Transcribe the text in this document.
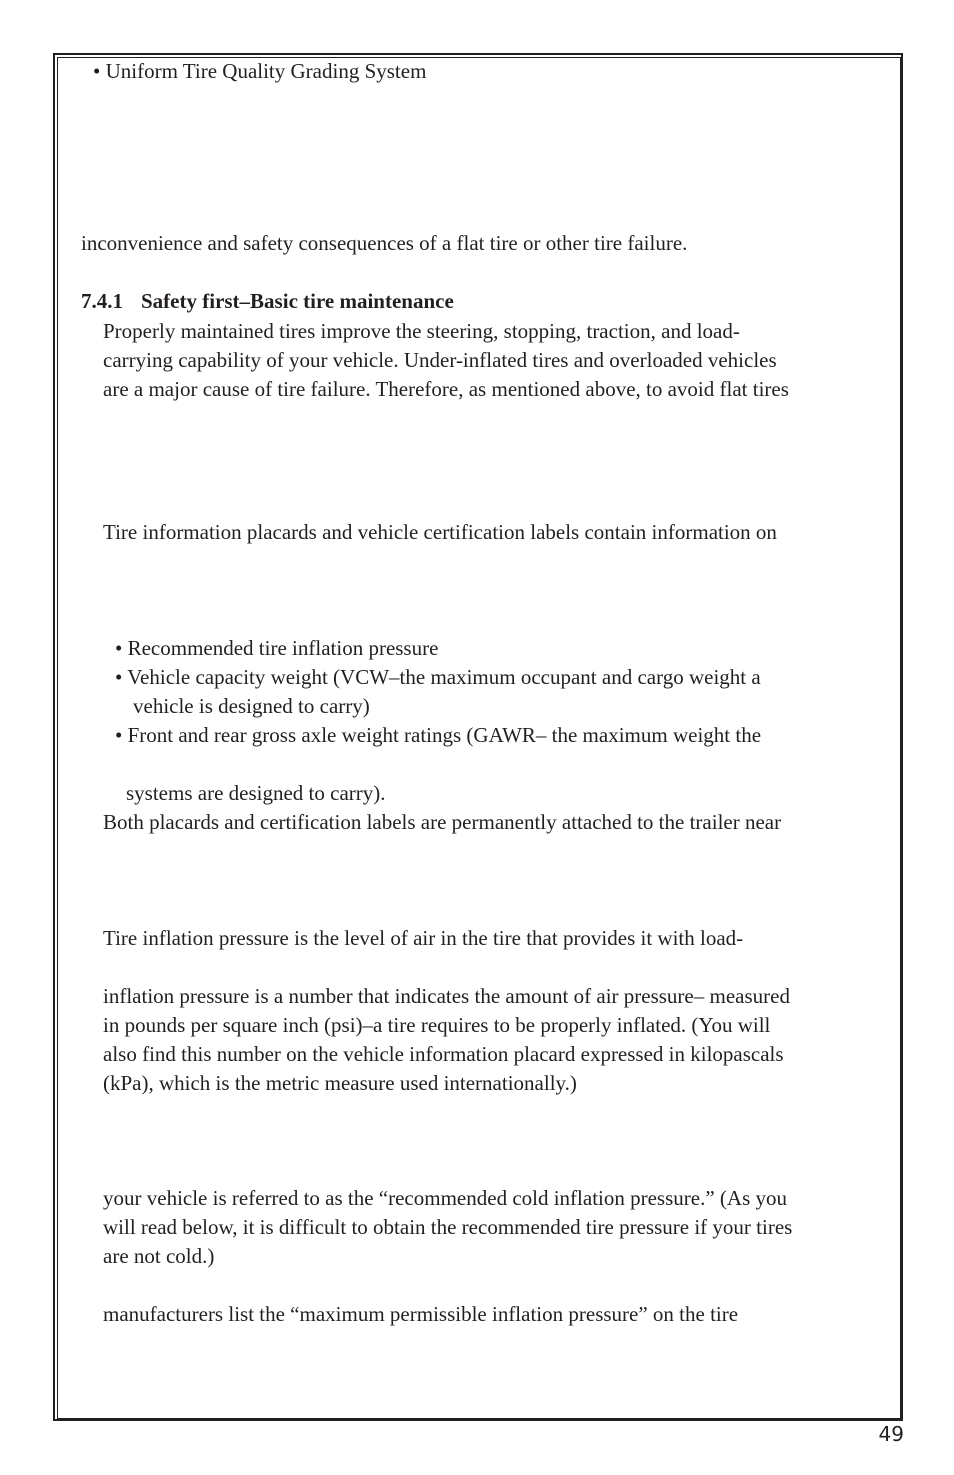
• Uniform Tire Quality Grading System

inconvenience and safety consequences of a flat tire or other tire failure.

7.4.1 Safety first–Basic tire maintenance

Properly maintained tires improve the steering, stopping, traction, and load-

carrying capability of your vehicle. Under-inflated tires and overloaded vehicles

are a major cause of tire failure. Therefore, as mentioned above, to avoid flat tires

Tire information placards and vehicle certification labels contain information on

• Recommended tire inflation pressure

• Vehicle capacity weight (VCW–the maximum occupant and cargo weight a

vehicle is designed to carry)

• Front and rear gross axle weight ratings (GAWR– the maximum weight the

systems are designed to carry).

Both placards and certification labels are permanently attached to the trailer near

Tire inflation pressure is the level of air in the tire that provides it with load-

inflation pressure is a number that indicates the amount of air pressure– measured

in pounds per square inch (psi)–a tire requires to be properly inflated. (You will

also find this number on the vehicle information placard expressed in kilopascals

(kPa), which is the metric measure used internationally.)

your vehicle is referred to as the “recommended cold inflation pressure.” (As you

will read below, it is difficult to obtain the recommended tire pressure if your tires

are not cold.)

manufacturers list the “maximum permissible inflation pressure” on the tire

49
